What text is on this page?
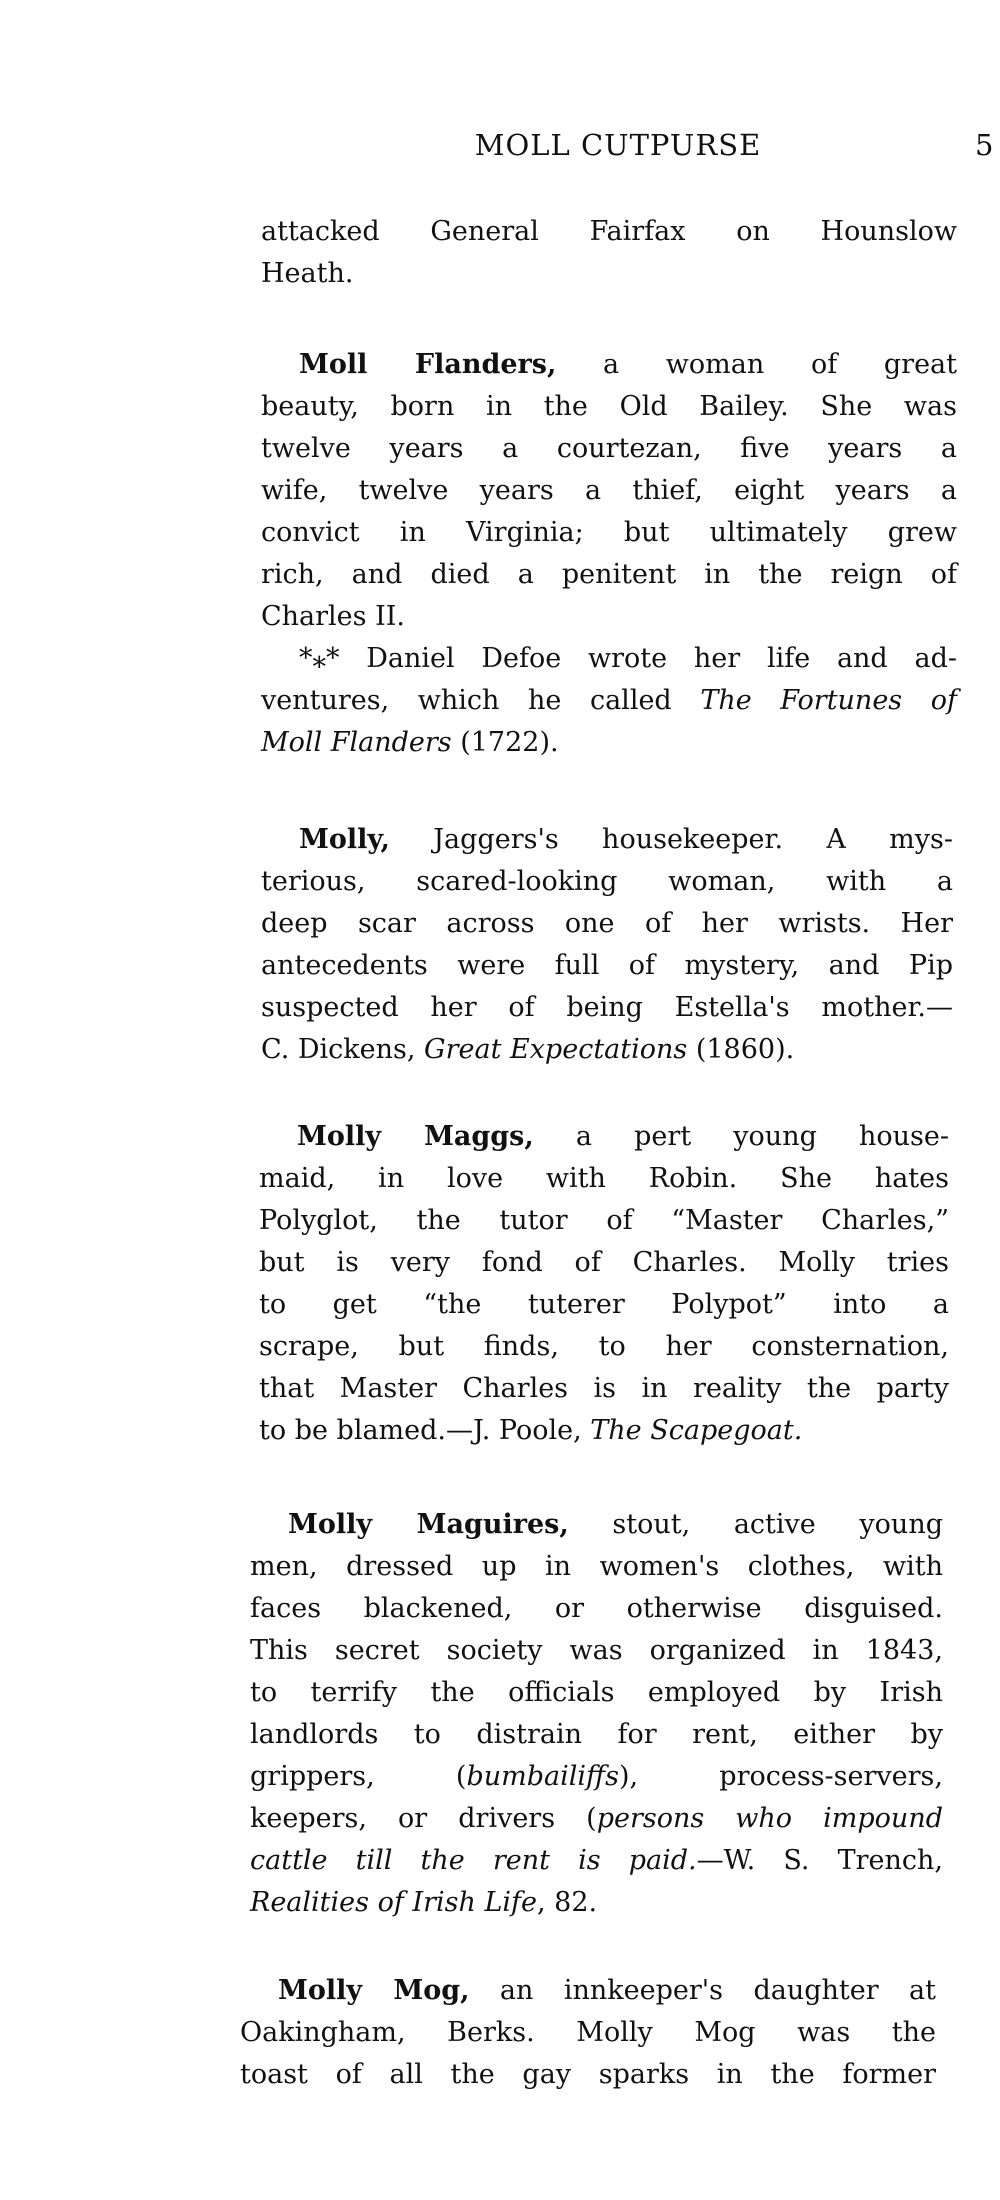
MOLL CUTPURSE	5
attacked General Fairfax on Hounslow
Heath.
Moll Flanders, a woman of great
beauty, born in the Old Bailey. She was
twelve years a courtezan, five years a
wife, twelve years a thief, eight years a
convict in Virginia; but ultimately grew
rich, and died a penitent in the reign of
Charles II.
*⁎* Daniel Defoe wrote her life and ad-
ventures, which he called The Fortunes of
Moll Flanders (1722).
Molly, Jaggers's housekeeper. A mys-
terious, scared-looking woman, with a
deep scar across one of her wrists. Her
antecedents were full of mystery, and Pip
suspected her of being Estella's mother.—
C. Dickens, Great Expectations (1860).
Molly Maggs, a pert young house-
maid, in love with Robin. She hates
Polyglot, the tutor of “Master Charles,”
but is very fond of Charles. Molly tries
to get “the tuterer Polypot” into a
scrape, but finds, to her consternation,
that Master Charles is in reality the party
to be blamed.—J. Poole, The Scapegoat.
Molly Maguires, stout, active young
men, dressed up in women's clothes, with
faces blackened, or otherwise disguised.
This secret society was organized in 1843,
to terrify the officials employed by Irish
landlords to distrain for rent, either by
grippers, (bumbailiffs), process-servers,
keepers, or drivers (persons who impound
cattle till the rent is paid.—W. S. Trench,
Realities of Irish Life, 82.
Molly Mog, an innkeeper's daughter at
Oakingham, Berks. Molly Mog was the
toast of all the gay sparks in the former
